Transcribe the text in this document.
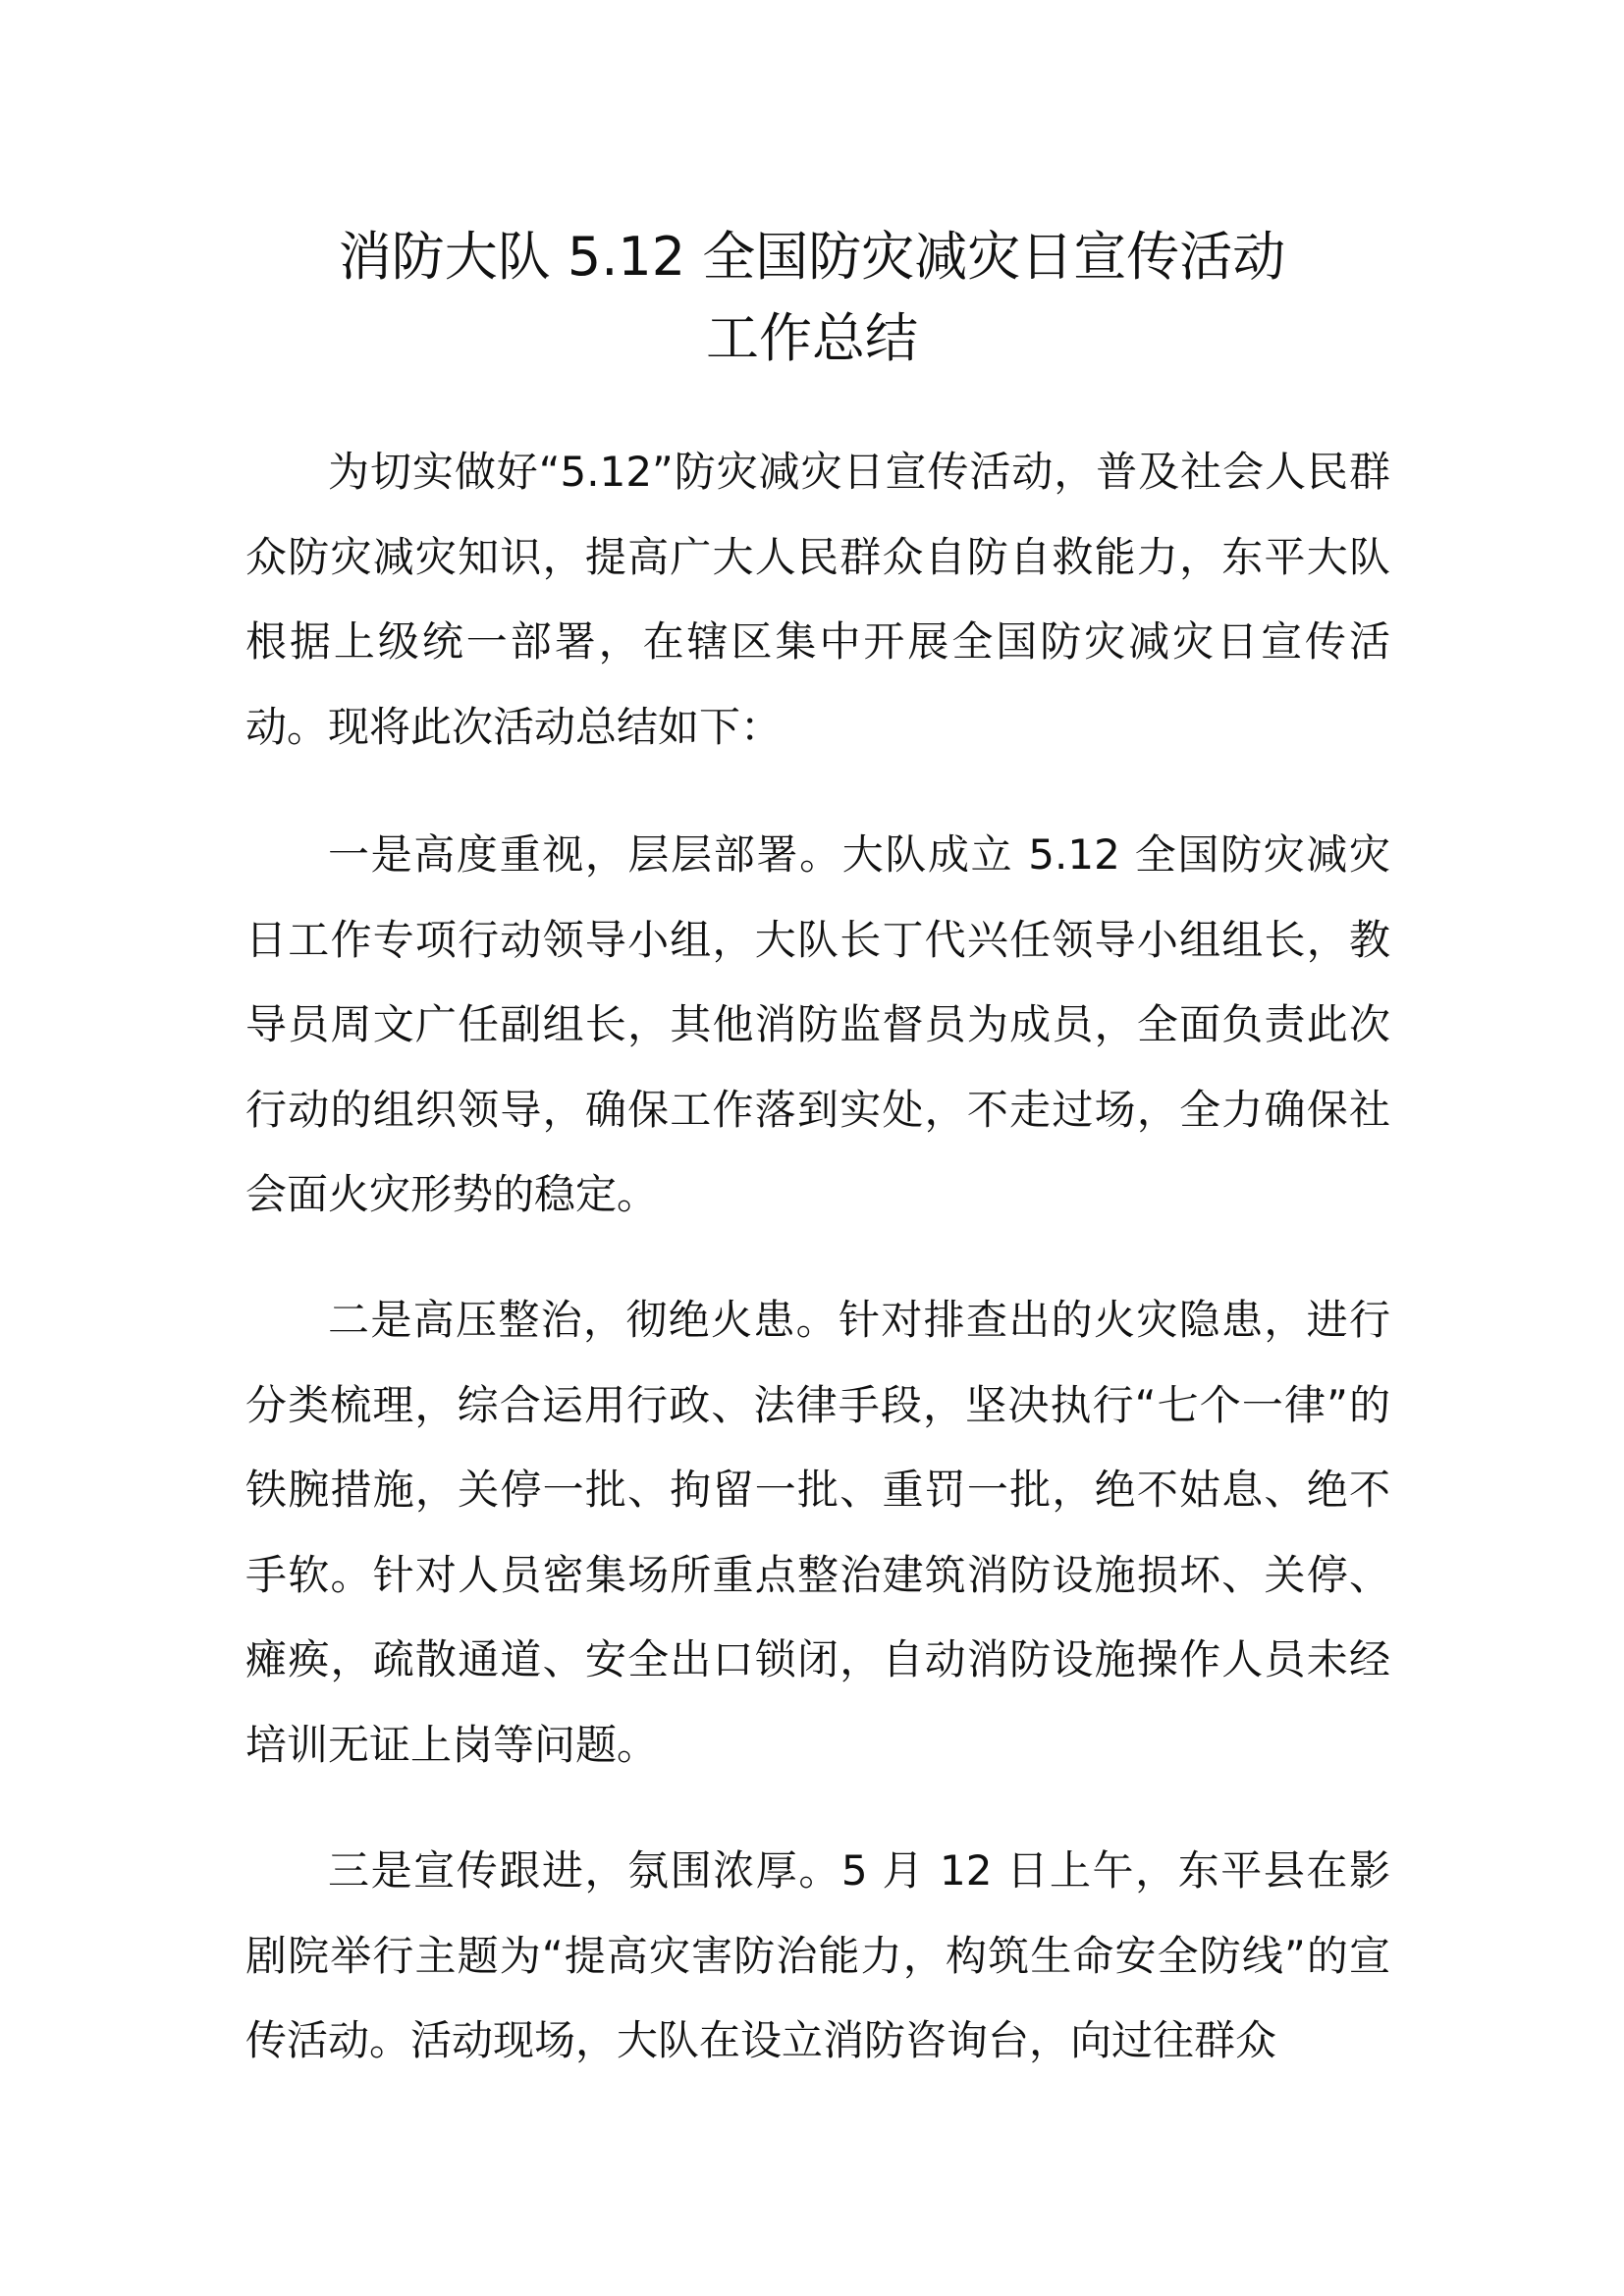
消防大队 5.12 全国防灾减灾日宣传活动
工作总结

为切实做好“5.12”防灾减灾日宣传活动，普及社会人民群众防灾减灾知识，提高广大人民群众自防自救能力，东平大队根据上级统一部署，在辖区集中开展全国防灾减灾日宣传活动。现将此次活动总结如下：

一是高度重视，层层部署。大队成立 5.12 全国防灾减灾日工作专项行动领导小组，大队长丁代兴任领导小组组长，教导员周文广任副组长，其他消防监督员为成员，全面负责此次行动的组织领导，确保工作落到实处，不走过场，全力确保社会面火灾形势的稳定。

二是高压整治，彻绝火患。针对排查出的火灾隐患，进行分类梳理，综合运用行政、法律手段，坚决执行“七个一律”的铁腕措施，关停一批、拘留一批、重罚一批，绝不姑息、绝不手软。针对人员密集场所重点整治建筑消防设施损坏、关停、瘫痪，疏散通道、安全出口锁闭，自动消防设施操作人员未经培训无证上岗等问题。

三是宣传跟进，氛围浓厚。5 月 12 日上午，东平县在影剧院举行主题为“提高灾害防治能力，构筑生命安全防线”的宣传活动。活动现场，大队在设立消防咨询台，向过往群众
